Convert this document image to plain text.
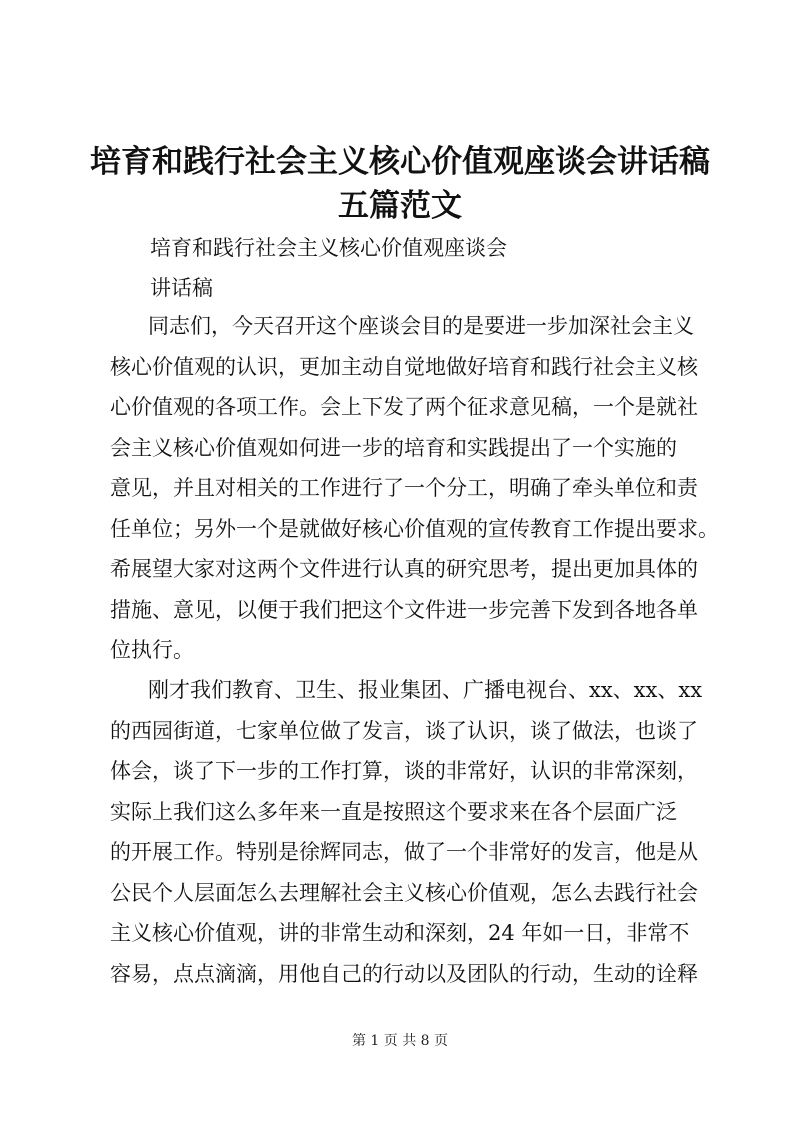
培育和践行社会主义核心价值观座谈会讲话稿
五篇范文
培育和践行社会主义核心价值观座谈会
讲话稿
同志们，今天召开这个座谈会目的是要进一步加深社会主义
核心价值观的认识，更加主动自觉地做好培育和践行社会主义核
心价值观的各项工作。会上下发了两个征求意见稿，一个是就社
会主义核心价值观如何进一步的培育和实践提出了一个实施的
意见，并且对相关的工作进行了一个分工，明确了牵头单位和责
任单位；另外一个是就做好核心价值观的宣传教育工作提出要求。
希展望大家对这两个文件进行认真的研究思考，提出更加具体的
措施、意见，以便于我们把这个文件进一步完善下发到各地各单
位执行。
刚才我们教育、卫生、报业集团、广播电视台、xx、xx、xx
的西园街道，七家单位做了发言，谈了认识，谈了做法，也谈了
体会，谈了下一步的工作打算，谈的非常好，认识的非常深刻，
实际上我们这么多年来一直是按照这个要求来在各个层面广泛
的开展工作。特别是徐辉同志，做了一个非常好的发言，他是从
公民个人层面怎么去理解社会主义核心价值观，怎么去践行社会
主义核心价值观，讲的非常生动和深刻，24 年如一日，非常不
容易，点点滴滴，用他自己的行动以及团队的行动，生动的诠释
第 1 页 共 8 页
